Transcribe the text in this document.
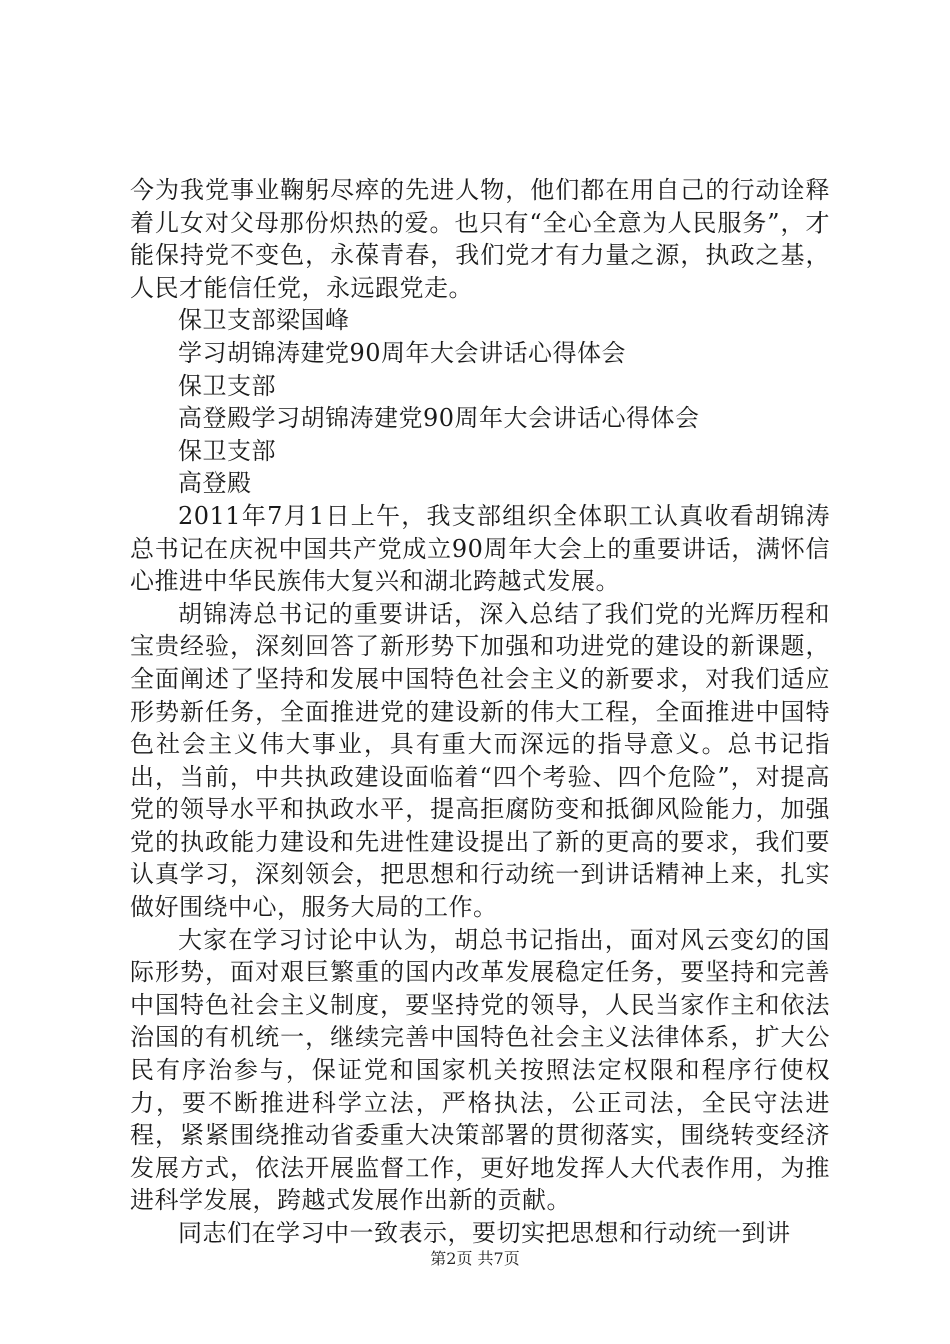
今为我党事业鞠躬尽瘁的先进人物，他们都在用自己的行动诠释着儿女对父母那份炽热的爱。也只有“全心全意为人民服务”，才能保持党不变色，永葆青春，我们党才有力量之源，执政之基，人民才能信任党，永远跟党走。

保卫支部梁国峰

学习胡锦涛建党90周年大会讲话心得体会

保卫支部

高登殿学习胡锦涛建党90周年大会讲话心得体会

保卫支部

高登殿

2011年7月1日上午，我支部组织全体职工认真收看胡锦涛总书记在庆祝中国共产党成立90周年大会上的重要讲话，满怀信心推进中华民族伟大复兴和湖北跨越式发展。

胡锦涛总书记的重要讲话，深入总结了我们党的光辉历程和宝贵经验，深刻回答了新形势下加强和功进党的建设的新课题，全面阐述了坚持和发展中国特色社会主义的新要求，对我们适应形势新任务，全面推进党的建设新的伟大工程，全面推进中国特色社会主义伟大事业，具有重大而深远的指导意义。总书记指出，当前，中共执政建设面临着“四个考验、四个危险”，对提高党的领导水平和执政水平，提高拒腐防变和抵御风险能力，加强党的执政能力建设和先进性建设提出了新的更高的要求，我们要认真学习，深刻领会，把思想和行动统一到讲话精神上来，扎实做好围绕中心，服务大局的工作。

大家在学习讨论中认为，胡总书记指出，面对风云变幻的国际形势，面对艰巨繁重的国内改革发展稳定任务，要坚持和完善中国特色社会主义制度，要坚持党的领导，人民当家作主和依法治国的有机统一，继续完善中国特色社会主义法律体系，扩大公民有序治参与，保证党和国家机关按照法定权限和程序行使权力，要不断推进科学立法，严格执法，公正司法，全民守法进程，紧紧围绕推动省委重大决策部署的贯彻落实，围绕转变经济发展方式，依法开展监督工作，更好地发挥人大代表作用，为推进科学发展，跨越式发展作出新的贡献。

同志们在学习中一致表示，要切实把思想和行动统一到讲

第2页 共7页
